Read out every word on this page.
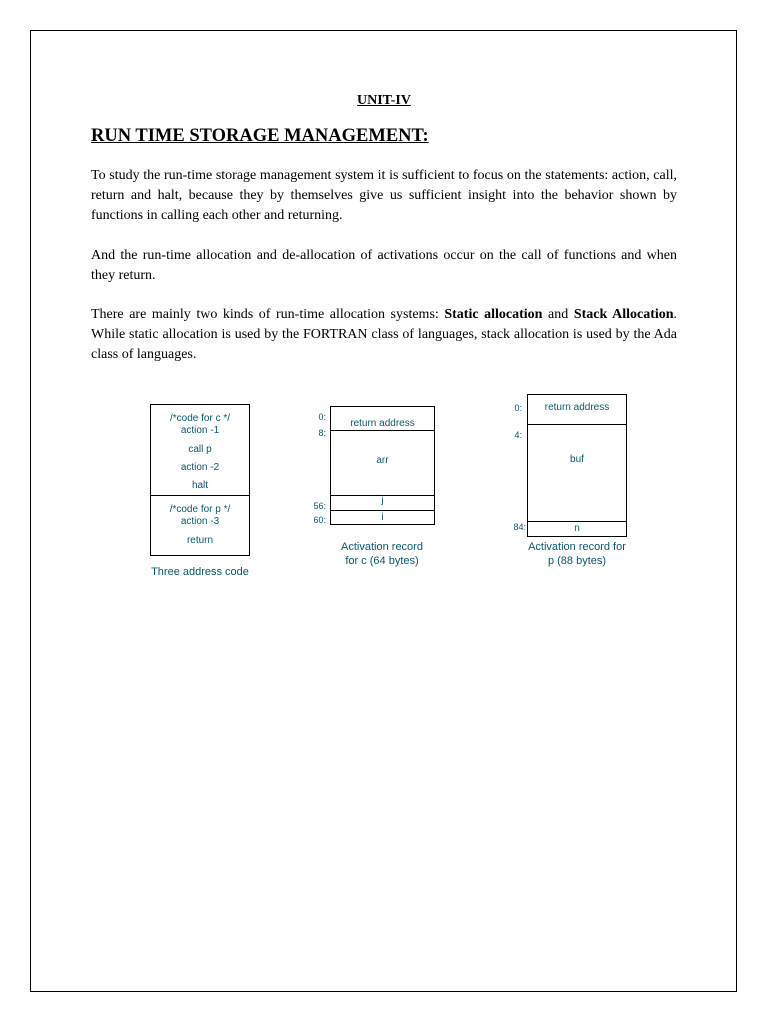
UNIT-IV
RUN TIME STORAGE MANAGEMENT:
To study the run-time storage management system it is sufficient to focus on the statements: action, call, return and halt, because they by themselves give us sufficient insight into the behavior shown by functions in calling each other and returning.
And the run-time allocation and de-allocation of activations occur on the call of functions and when they return.
There are mainly two kinds of run-time allocation systems: Static allocation and Stack Allocation. While static allocation is used by the FORTRAN class of languages, stack allocation is used by the Ada class of languages.
/*code for c */
action -1
call p
action -2
halt
/*code for p */
action -3
return
Three address code
0:
8:
56:
60:
return address
arr
j
i
Activation record
for c (64 bytes)
0:
4:
84:
return address
buf
n
Activation record for
p (88 bytes)
